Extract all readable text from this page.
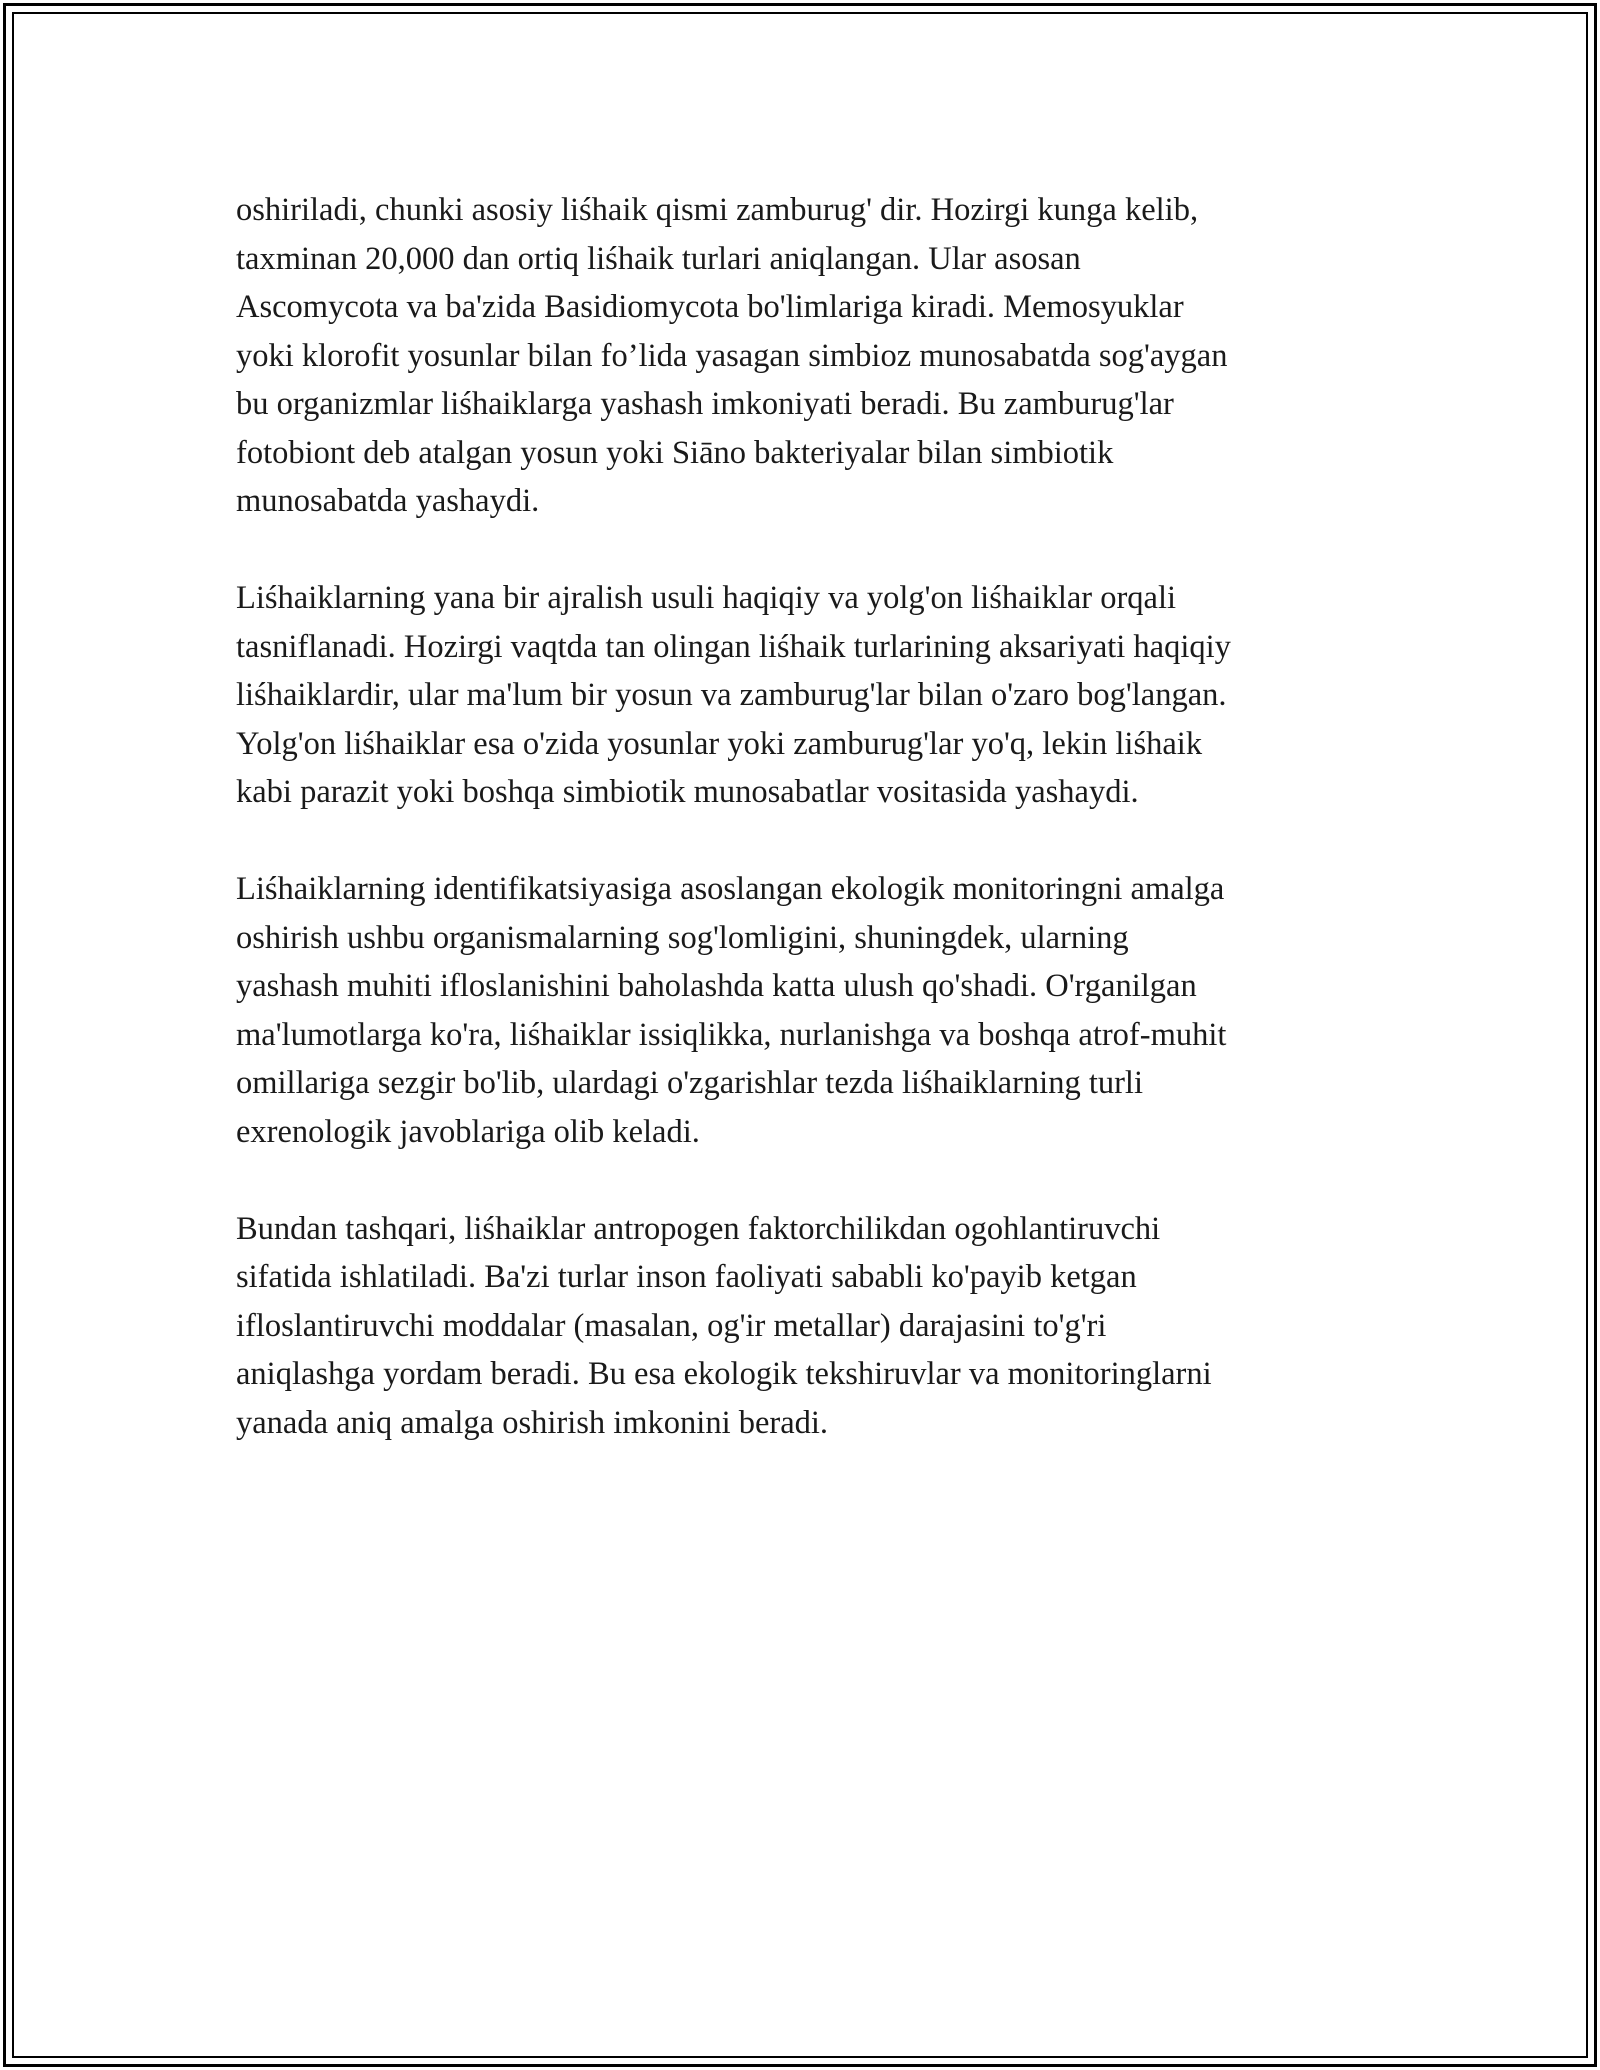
oshiriladi, chunki asosiy liśhaik qismi zamburug' dir. Hozirgi kunga kelib,
taxminan 20,000 dan ortiq liśhaik turlari aniqlangan. Ular asosan
Ascomycota va ba'zida Basidiomycota bo'limlariga kiradi. Memosyuklar
yoki klorofit yosunlar bilan fo’lida yasagan simbioz munosabatda sog'aygan
bu organizmlar liśhaiklarga yashash imkoniyati beradi. Bu zamburug'lar
fotobiont deb atalgan yosun yoki Siāno bakteriyalar bilan simbiotik
munosabatda yashaydi.

Liśhaiklarning yana bir ajralish usuli haqiqiy va yolg'on liśhaiklar orqali
tasniflanadi. Hozirgi vaqtda tan olingan liśhaik turlarining aksariyati haqiqiy
liśhaiklardir, ular ma'lum bir yosun va zamburug'lar bilan o'zaro bog'langan.
Yolg'on liśhaiklar esa o'zida yosunlar yoki zamburug'lar yo'q, lekin liśhaik
kabi parazit yoki boshqa simbiotik munosabatlar vositasida yashaydi.

Liśhaiklarning identifikatsiyasiga asoslangan ekologik monitoringni amalga
oshirish ushbu organismalarning sog'lomligini, shuningdek, ularning
yashash muhiti ifloslanishini baholashda katta ulush qo'shadi. O'rganilgan
ma'lumotlarga ko'ra, liśhaiklar issiqlikka, nurlanishga va boshqa atrof-muhit
omillariga sezgir bo'lib, ulardagi o'zgarishlar tezda liśhaiklarning turli
exrenologik javoblariga olib keladi.

Bundan tashqari, liśhaiklar antropogen faktorchilikdan ogohlantiruvchi
sifatida ishlatiladi. Ba'zi turlar inson faoliyati sababli ko'payib ketgan
ifloslantiruvchi moddalar (masalan, og'ir metallar) darajasini to'g'ri
aniqlashga yordam beradi. Bu esa ekologik tekshiruvlar va monitoringlarni
yanada aniq amalga oshirish imkonini beradi.
